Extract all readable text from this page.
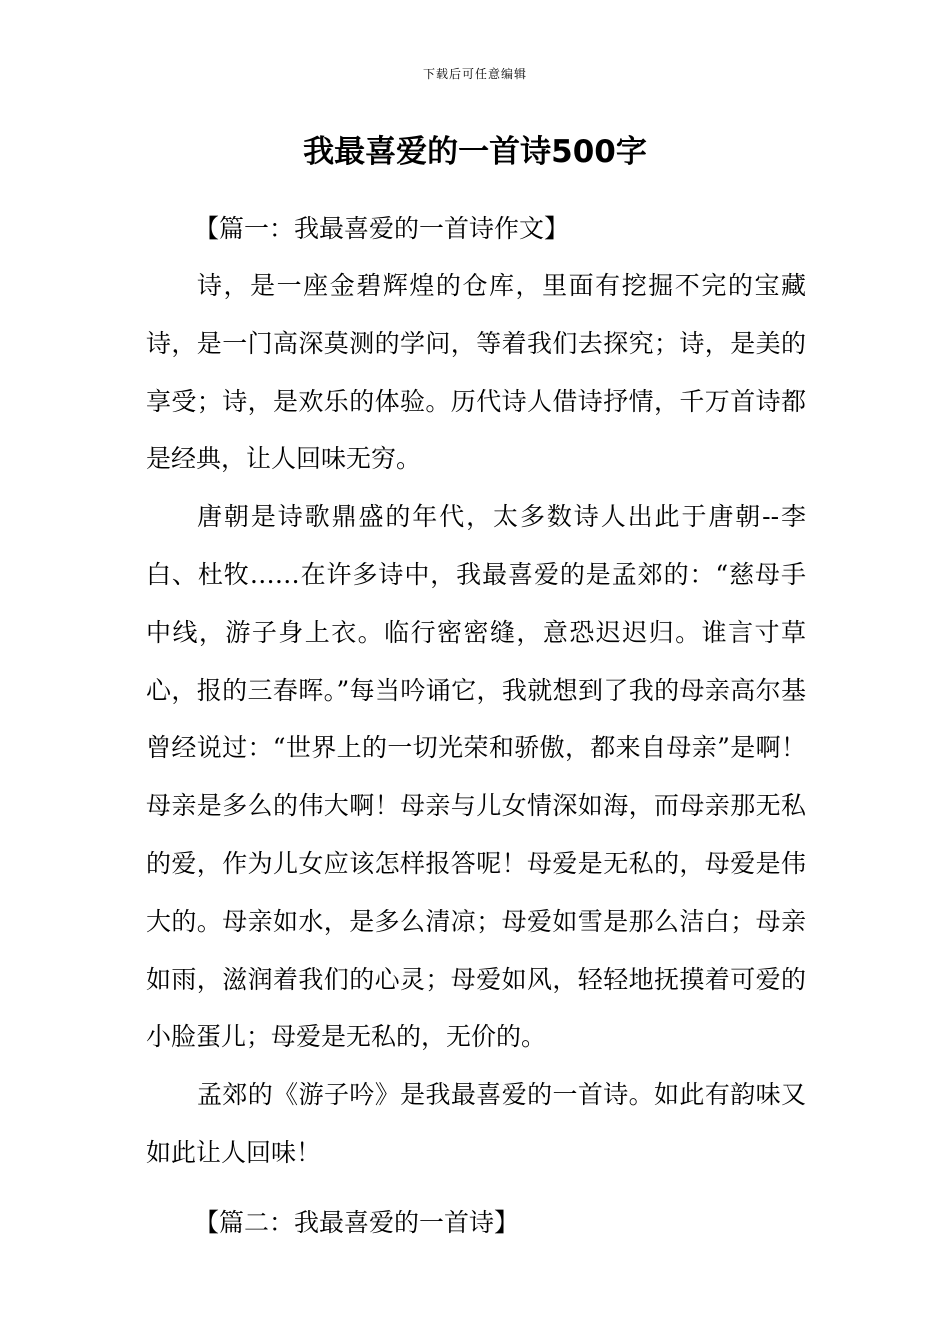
下载后可任意编辑
我最喜爱的一首诗500字

【篇一：我最喜爱的一首诗作文】

诗，是一座金碧辉煌的仓库，里面有挖掘不完的宝藏诗，是一门高深莫测的学问，等着我们去探究；诗，是美的享受；诗，是欢乐的体验。历代诗人借诗抒情，千万首诗都是经典，让人回味无穷。

唐朝是诗歌鼎盛的年代，太多数诗人出此于唐朝--李白、杜牧……在许多诗中，我最喜爱的是孟郊的：“慈母手中线，游子身上衣。临行密密缝，意恐迟迟归。谁言寸草心，报的三春晖。”每当吟诵它，我就想到了我的母亲高尔基曾经说过：“世界上的一切光荣和骄傲，都来自母亲”是啊！母亲是多么的伟大啊！母亲与儿女情深如海，而母亲那无私的爱，作为儿女应该怎样报答呢！母爱是无私的，母爱是伟大的。母亲如水，是多么清凉；母爱如雪是那么洁白；母亲如雨，滋润着我们的心灵；母爱如风，轻轻地抚摸着可爱的小脸蛋儿；母爱是无私的，无价的。

孟郊的《游子吟》是我最喜爱的一首诗。如此有韵味又如此让人回味！

【篇二：我最喜爱的一首诗】
